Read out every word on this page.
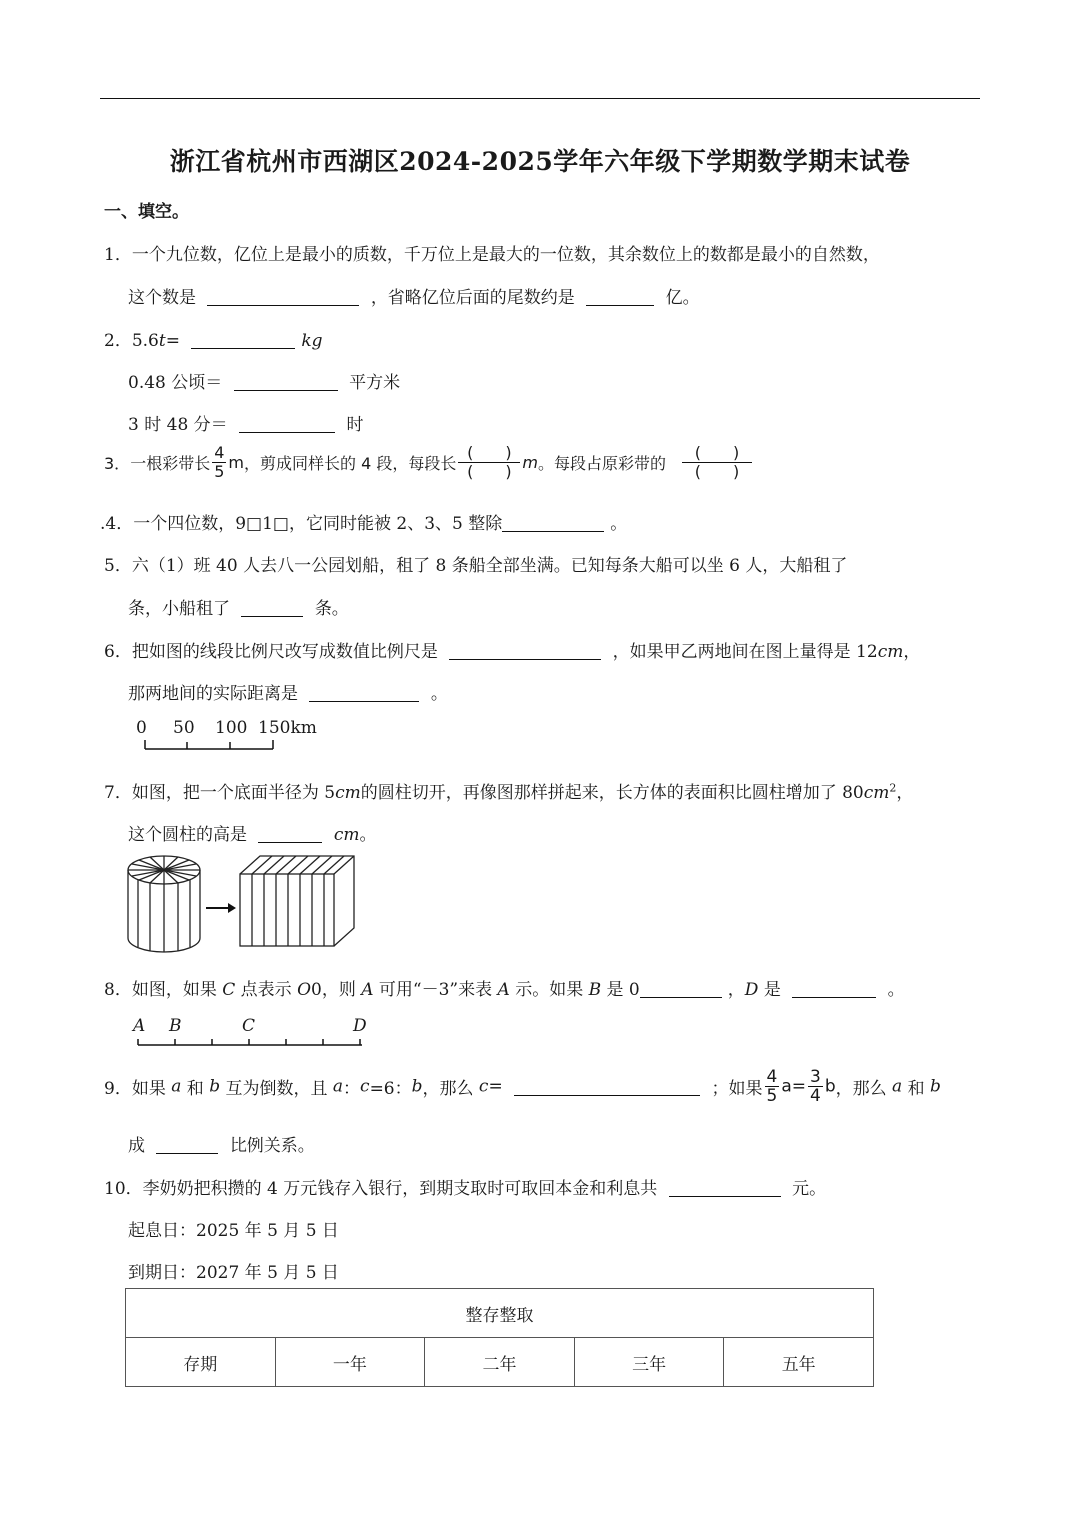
浙江省杭州市西湖区2024-2025学年六年级下学期数学期末试卷
一、填空。
1．一个九位数，亿位上是最小的质数，千万位上是最大的一位数，其余数位上的数都是最小的自然数，
这个数是	，省略亿位后面的尾数约是	亿。
2．5.6t=	kg
0.48 公顷＝	平方米
3 时 48 分＝	时
3．一根彩带长 $\frac{4}{5}$ m，剪成同样长的 4 段，每段长 $\frac{( )}{( )}$ m。每段占原彩带的 $\frac{( )}{( )}$
.4．一个四位数，9□1□，它同时能被 2、3、5 整除	。
5．六（1）班 40 人去八一公园划船，租了 8 条船全部坐满。已知每条大船可以坐 6 人，大船租了
条，小船租了	条。
6．把如图的线段比例尺改写成数值比例尺是	，如果甲乙两地间在图上量得是 12cm，
那两地间的实际距离是	。
0 50 100 150km
7．如图，把一个底面半径为 5cm的圆柱切开，再像图那样拼起来，长方体的表面积比圆柱增加了 $80cm^2$，
这个圆柱的高是	cm。
8．如图，如果 C 点表示 O0，则 A 可用“－3”来表 A 示。如果 B 是 0	，D 是	。
A B	C	D
9．如果 a 和 b 互为倒数，且 a：c=6：b，那么 c=	；如果 $\frac{4}{5} a= \frac{3}{4}$ b，那么 a 和 b
成	比例关系。
10．李奶奶把积攒的 4 万元钱存入银行，到期支取时可取回本金和利息共	元。
起息日：2025 年 5 月 5 日
到期日：2027 年 5 月 5 日
整存整取
存期	一年	二年	三年	五年
